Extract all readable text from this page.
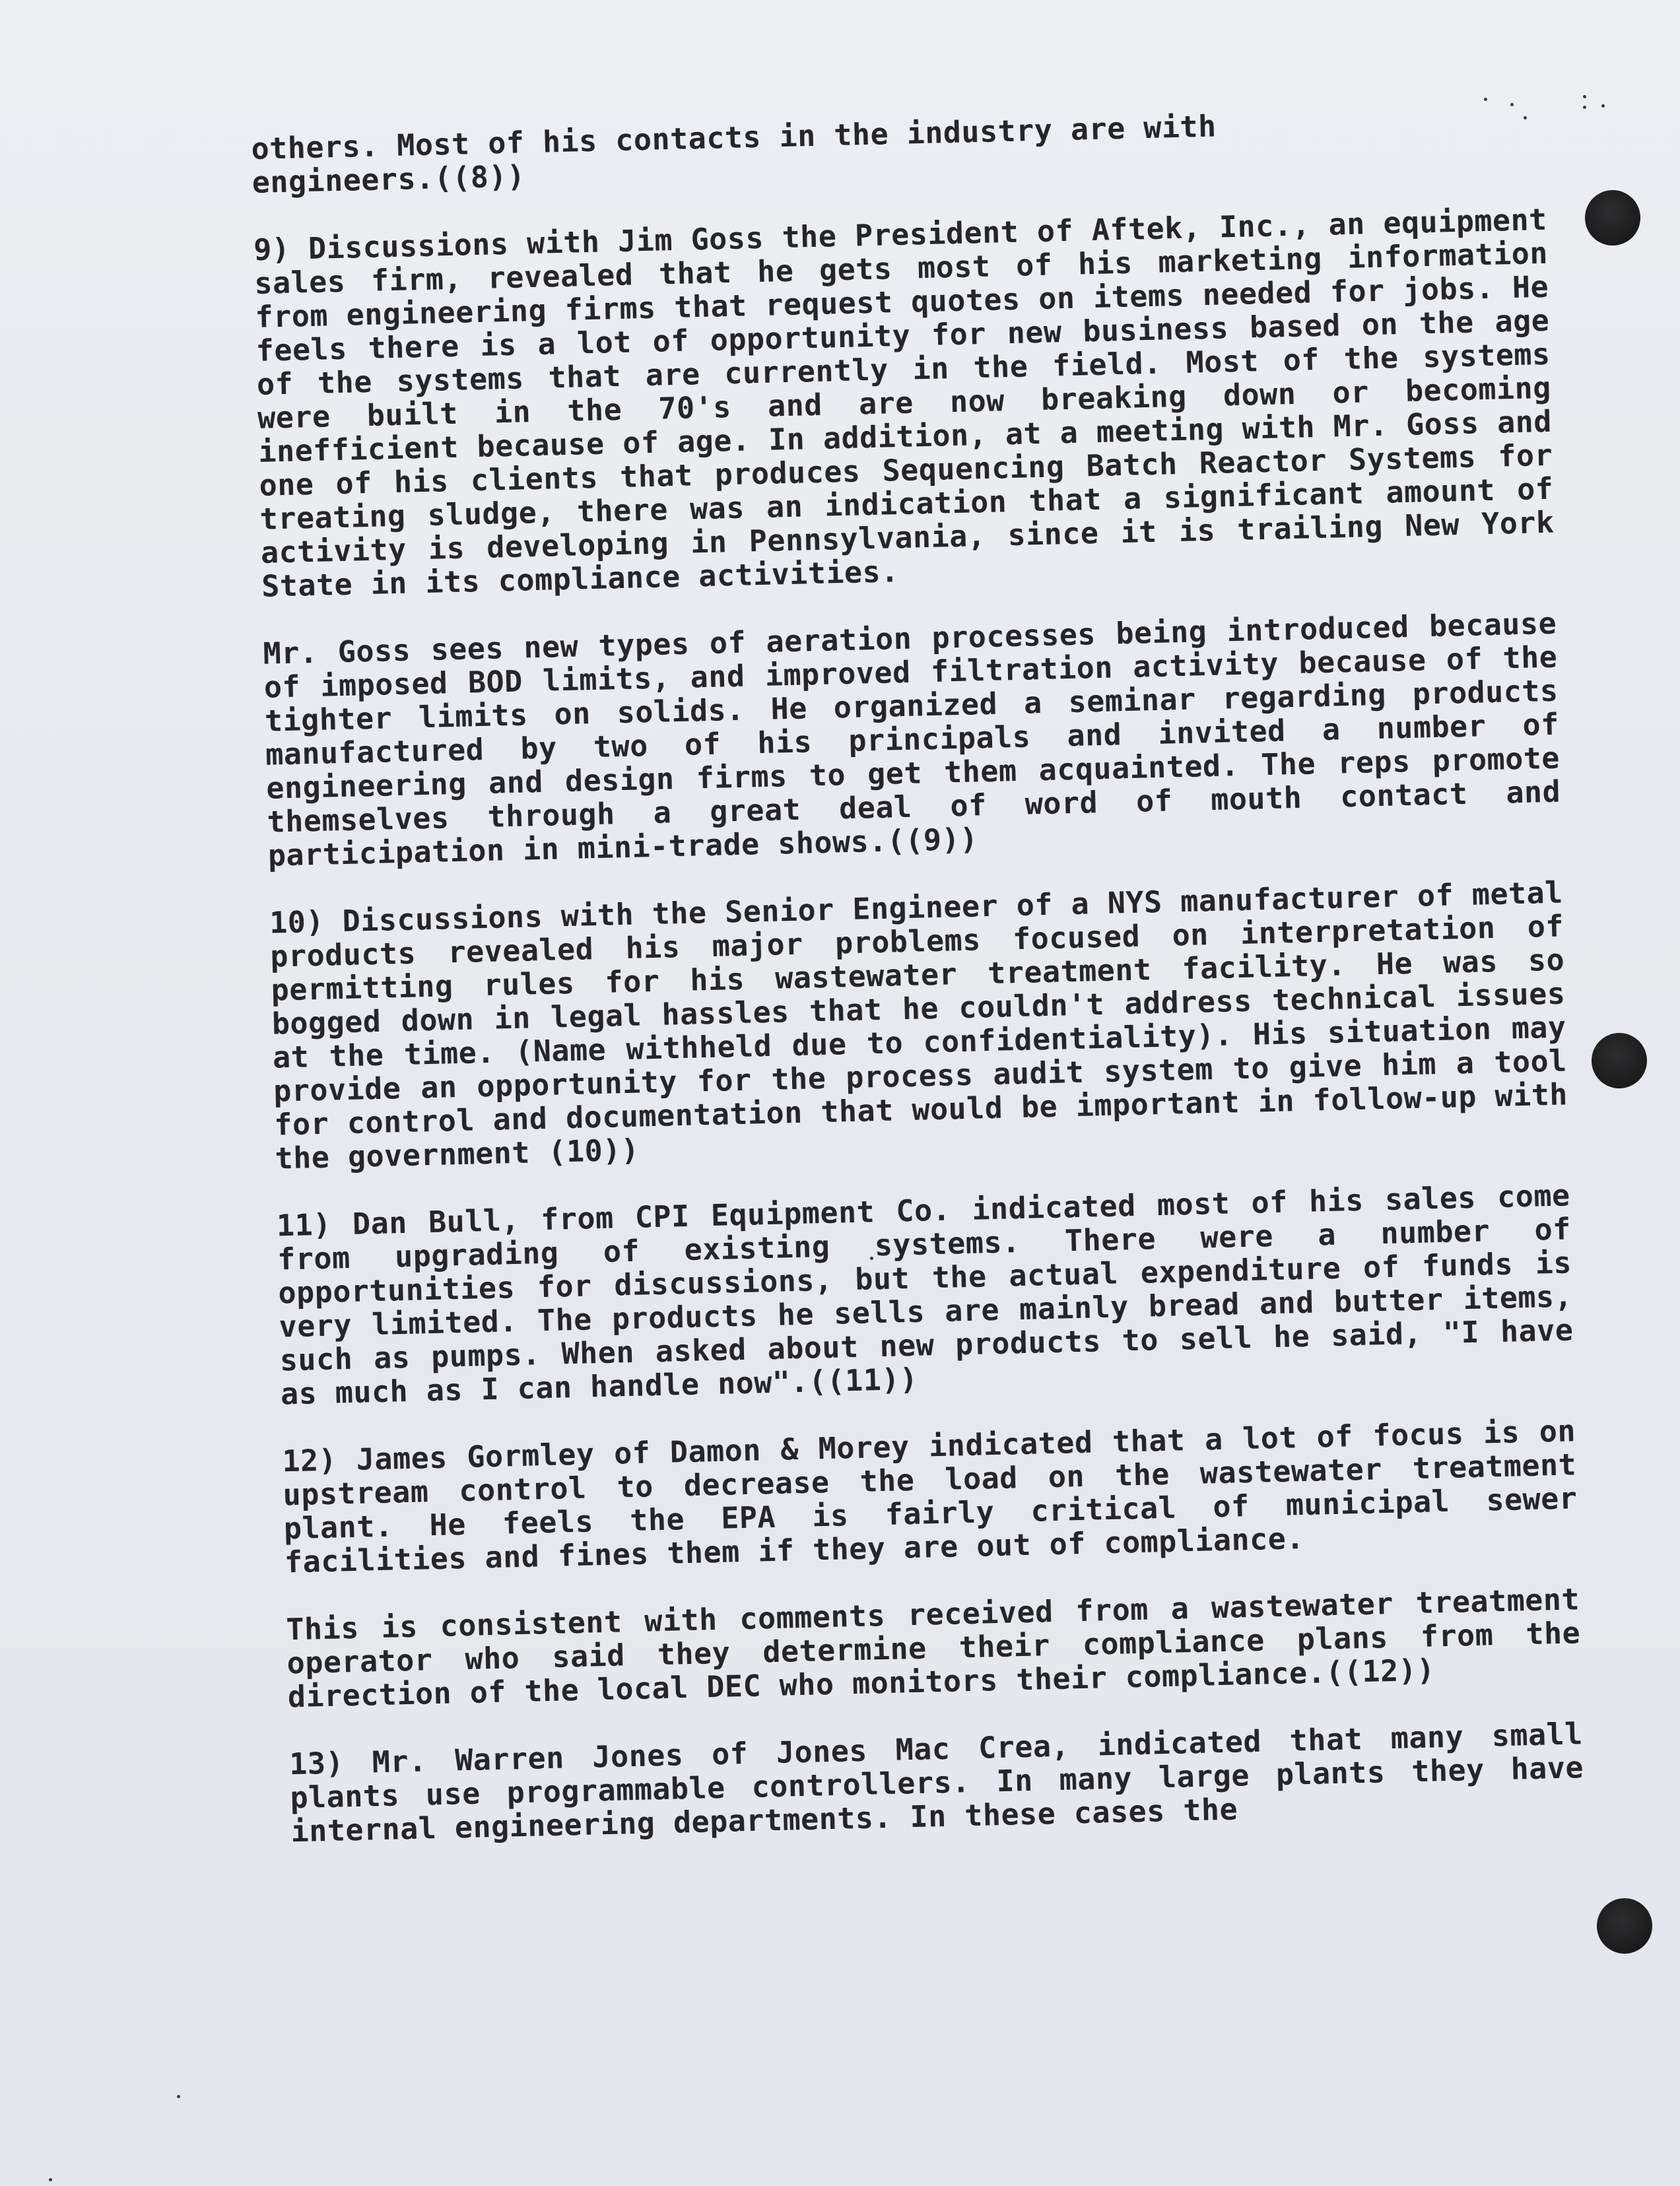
others. Most of his contacts in the industry are with
engineers.((8))

9) Discussions with Jim Goss the President of Aftek, Inc., an equipment sales firm, revealed that he gets most of his marketing information from engineering firms that request quotes on items needed for jobs. He feels there is a lot of opportunity for new business based on the age of the systems that are currently in the field. Most of the systems were built in the 70's and are now breaking down or becoming inefficient because of age. In addition, at a meeting with Mr. Goss and one of his clients that produces Sequencing Batch Reactor Systems for treating sludge, there was an indication that a significant amount of activity is developing in Pennsylvania, since it is trailing New York State in its compliance activities.

Mr. Goss sees new types of aeration processes being introduced because of imposed BOD limits, and improved filtration activity because of the tighter limits on solids. He organized a seminar regarding products manufactured by two of his principals and invited a number of engineering and design firms to get them acquainted. The reps promote themselves through a great deal of word of mouth contact and participation in mini-trade shows.((9))

10) Discussions with the Senior Engineer of a NYS manufacturer of metal products revealed his major problems focused on interpretation of permitting rules for his wastewater treatment facility. He was so bogged down in legal hassles that he couldn't address technical issues at the time. (Name withheld due to confidentiality). His situation may provide an opportunity for the process audit system to give him a tool for control and documentation that would be important in follow-up with the government (10))

11) Dan Bull, from CPI Equipment Co. indicated most of his sales come from upgrading of existing systems. There were a number of opportunities for discussions, but the actual expenditure of funds is very limited. The products he sells are mainly bread and butter items, such as pumps. When asked about new products to sell he said, "I have as much as I can handle now".((11))

12) James Gormley of Damon & Morey indicated that a lot of focus is on upstream control to decrease the load on the wastewater treatment plant. He feels the EPA is fairly critical of municipal sewer facilities and fines them if they are out of compliance.

This is consistent with comments received from a wastewater treatment operator who said they determine their compliance plans from the direction of the local DEC who monitors their compliance.((12))

13) Mr. Warren Jones of Jones Mac Crea, indicated that many small plants use programmable controllers. In many large plants they have internal engineering departments. In these cases the
